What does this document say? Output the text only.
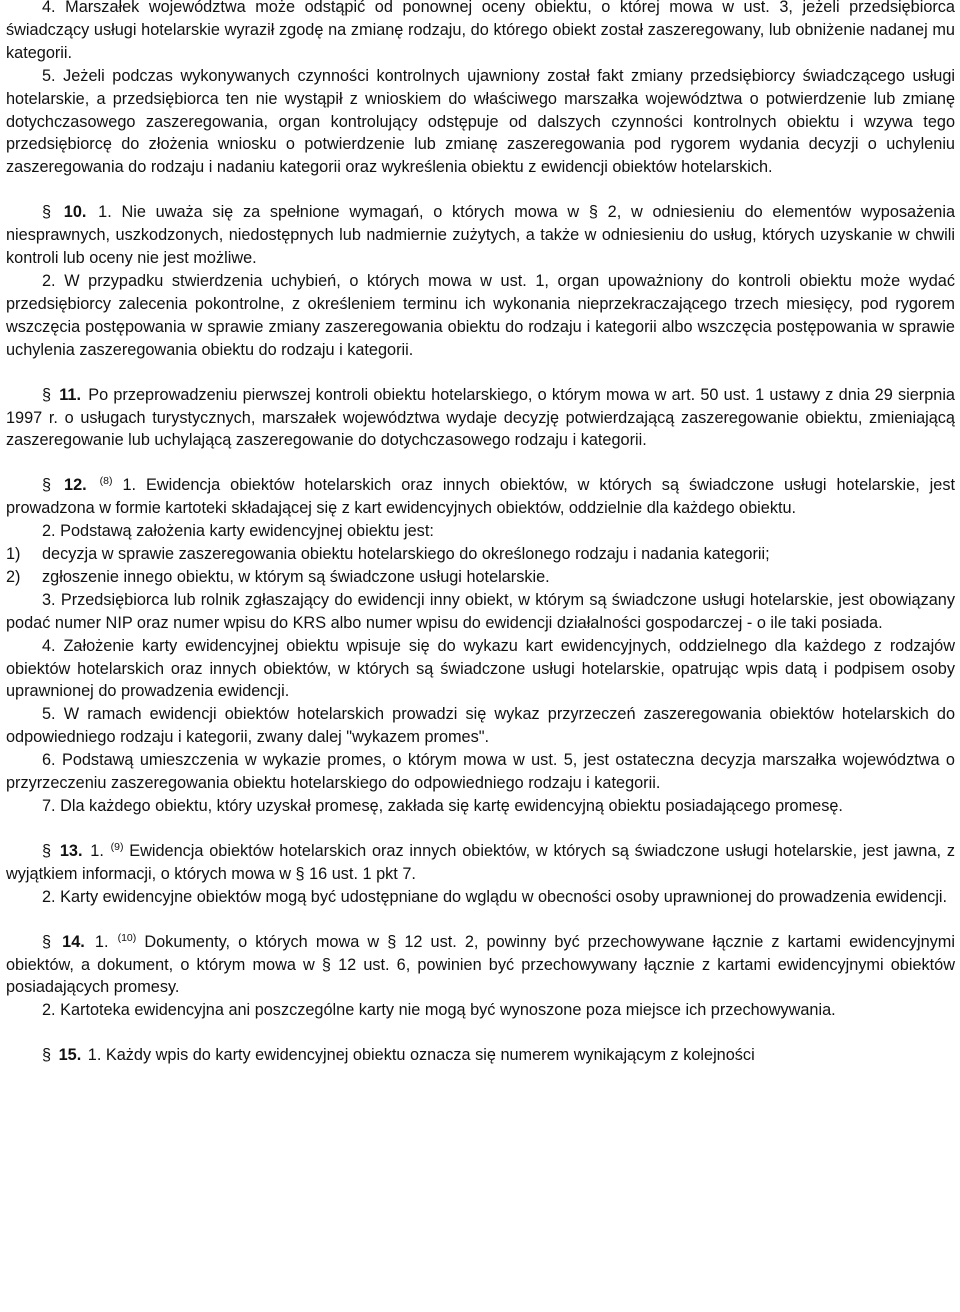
4. Marszałek województwa może odstąpić od ponownej oceny obiektu, o której mowa w ust. 3, jeżeli przedsiębiorca świadczący usługi hotelarskie wyraził zgodę na zmianę rodzaju, do którego obiekt został zaszeregowany, lub obniżenie nadanej mu kategorii.

5. Jeżeli podczas wykonywanych czynności kontrolnych ujawniony został fakt zmiany przedsiębiorcy świadczącego usługi hotelarskie, a przedsiębiorca ten nie wystąpił z wnioskiem do właściwego marszałka województwa o potwierdzenie lub zmianę dotychczasowego zaszeregowania, organ kontrolujący odstępuje od dalszych czynności kontrolnych obiektu i wzywa tego przedsiębiorcę do złożenia wniosku o potwierdzenie lub zmianę zaszeregowania pod rygorem wydania decyzji o uchyleniu zaszeregowania do rodzaju i nadaniu kategorii oraz wykreślenia obiektu z ewidencji obiektów hotelarskich.

§ 10. 1. Nie uważa się za spełnione wymagań, o których mowa w § 2, w odniesieniu do elementów wyposażenia niesprawnych, uszkodzonych, niedostępnych lub nadmiernie zużytych, a także w odniesieniu do usług, których uzyskanie w chwili kontroli lub oceny nie jest możliwe.

2. W przypadku stwierdzenia uchybień, o których mowa w ust. 1, organ upoważniony do kontroli obiektu może wydać przedsiębiorcy zalecenia pokontrolne, z określeniem terminu ich wykonania nieprzekraczającego trzech miesięcy, pod rygorem wszczęcia postępowania w sprawie zmiany zaszeregowania obiektu do rodzaju i kategorii albo wszczęcia postępowania w sprawie uchylenia zaszeregowania obiektu do rodzaju i kategorii.

§ 11. Po przeprowadzeniu pierwszej kontroli obiektu hotelarskiego, o którym mowa w art. 50 ust. 1 ustawy z dnia 29 sierpnia 1997 r. o usługach turystycznych, marszałek województwa wydaje decyzję potwierdzającą zaszeregowanie obiektu, zmieniającą zaszeregowanie lub uchylającą zaszeregowanie do dotychczasowego rodzaju i kategorii.

§ 12. $^{(8)}$ 1. Ewidencja obiektów hotelarskich oraz innych obiektów, w których są świadczone usługi hotelarskie, jest prowadzona w formie kartoteki składającej się z kart ewidencyjnych obiektów, oddzielnie dla każdego obiektu.

2. Podstawą założenia karty ewidencyjnej obiektu jest:

1) decyzja w sprawie zaszeregowania obiektu hotelarskiego do określonego rodzaju i nadania kategorii;

2) zgłoszenie innego obiektu, w którym są świadczone usługi hotelarskie.

3. Przedsiębiorca lub rolnik zgłaszający do ewidencji inny obiekt, w którym są świadczone usługi hotelarskie, jest obowiązany podać numer NIP oraz numer wpisu do KRS albo numer wpisu do ewidencji działalności gospodarczej - o ile taki posiada.

4. Założenie karty ewidencyjnej obiektu wpisuje się do wykazu kart ewidencyjnych, oddzielnego dla każdego z rodzajów obiektów hotelarskich oraz innych obiektów, w których są świadczone usługi hotelarskie, opatrując wpis datą i podpisem osoby uprawnionej do prowadzenia ewidencji.

5. W ramach ewidencji obiektów hotelarskich prowadzi się wykaz przyrzeczeń zaszeregowania obiektów hotelarskich do odpowiedniego rodzaju i kategorii, zwany dalej "wykazem promes".

6. Podstawą umieszczenia w wykazie promes, o którym mowa w ust. 5, jest ostateczna decyzja marszałka województwa o przyrzeczeniu zaszeregowania obiektu hotelarskiego do odpowiedniego rodzaju i kategorii.

7. Dla każdego obiektu, który uzyskał promesę, zakłada się kartę ewidencyjną obiektu posiadającego promesę.

§ 13. 1. $^{(9)}$ Ewidencja obiektów hotelarskich oraz innych obiektów, w których są świadczone usługi hotelarskie, jest jawna, z wyjątkiem informacji, o których mowa w § 16 ust. 1 pkt 7.

2. Karty ewidencyjne obiektów mogą być udostępniane do wglądu w obecności osoby uprawnionej do prowadzenia ewidencji.

§ 14. 1. $^{(10)}$ Dokumenty, o których mowa w § 12 ust. 2, powinny być przechowywane łącznie z kartami ewidencyjnymi obiektów, a dokument, o którym mowa w § 12 ust. 6, powinien być przechowywany łącznie z kartami ewidencyjnymi obiektów posiadających promesy.

2. Kartoteka ewidencyjna ani poszczególne karty nie mogą być wynoszone poza miejsce ich przechowywania.

§ 15. 1. Każdy wpis do karty ewidencyjnej obiektu oznacza się numerem wynikającym z kolejności
